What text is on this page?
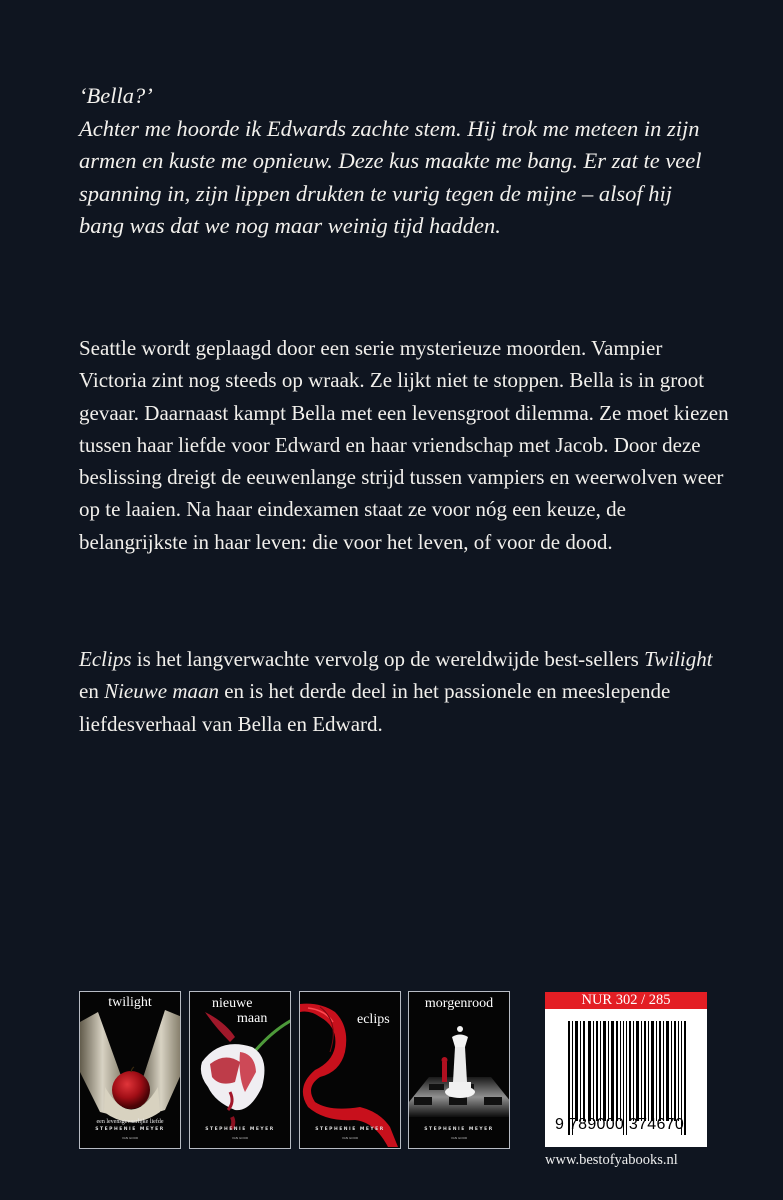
‘Bella?’

Achter me hoorde ik Edwards zachte stem. Hij trok me meteen in zijn armen en kuste me opnieuw. Deze kus maakte me bang. Er zat te veel spanning in, zijn lippen drukten te vurig tegen de mijne – alsof hij bang was dat we nog maar weinig tijd hadden.

Seattle wordt geplaagd door een serie mysterieuze moorden. Vampier Victoria zint nog steeds op wraak. Ze lijkt niet te stoppen. Bella is in groot gevaar. Daarnaast kampt Bella met een levensgroot dilemma. Ze moet kiezen tussen haar liefde voor Edward en haar vriendschap met Jacob. Door deze beslissing dreigt de eeuwenlange strijd tussen vampiers en weerwolven weer op te laaien. Na haar eindexamen staat ze voor nóg een keuze, de belangrijkste in haar leven: die voor het leven, of voor de dood.

Eclips is het langverwachte vervolg op de wereldwijde best-sellers Twilight en Nieuwe maan en is het derde deel in het passionele en meeslepende liefdesverhaal van Bella en Edward.

twilight
een levensgevaarlijke liefde
STEPHENIE MEYER
VAN GOOR
nieuwe
maan
STEPHENIE MEYER
VAN GOOR
eclips
STEPHENIE MEYER
VAN GOOR
morgenrood
STEPHENIE MEYER
VAN GOOR
NUR 302 / 285
9 789000 374670
www.bestofyabooks.nl
